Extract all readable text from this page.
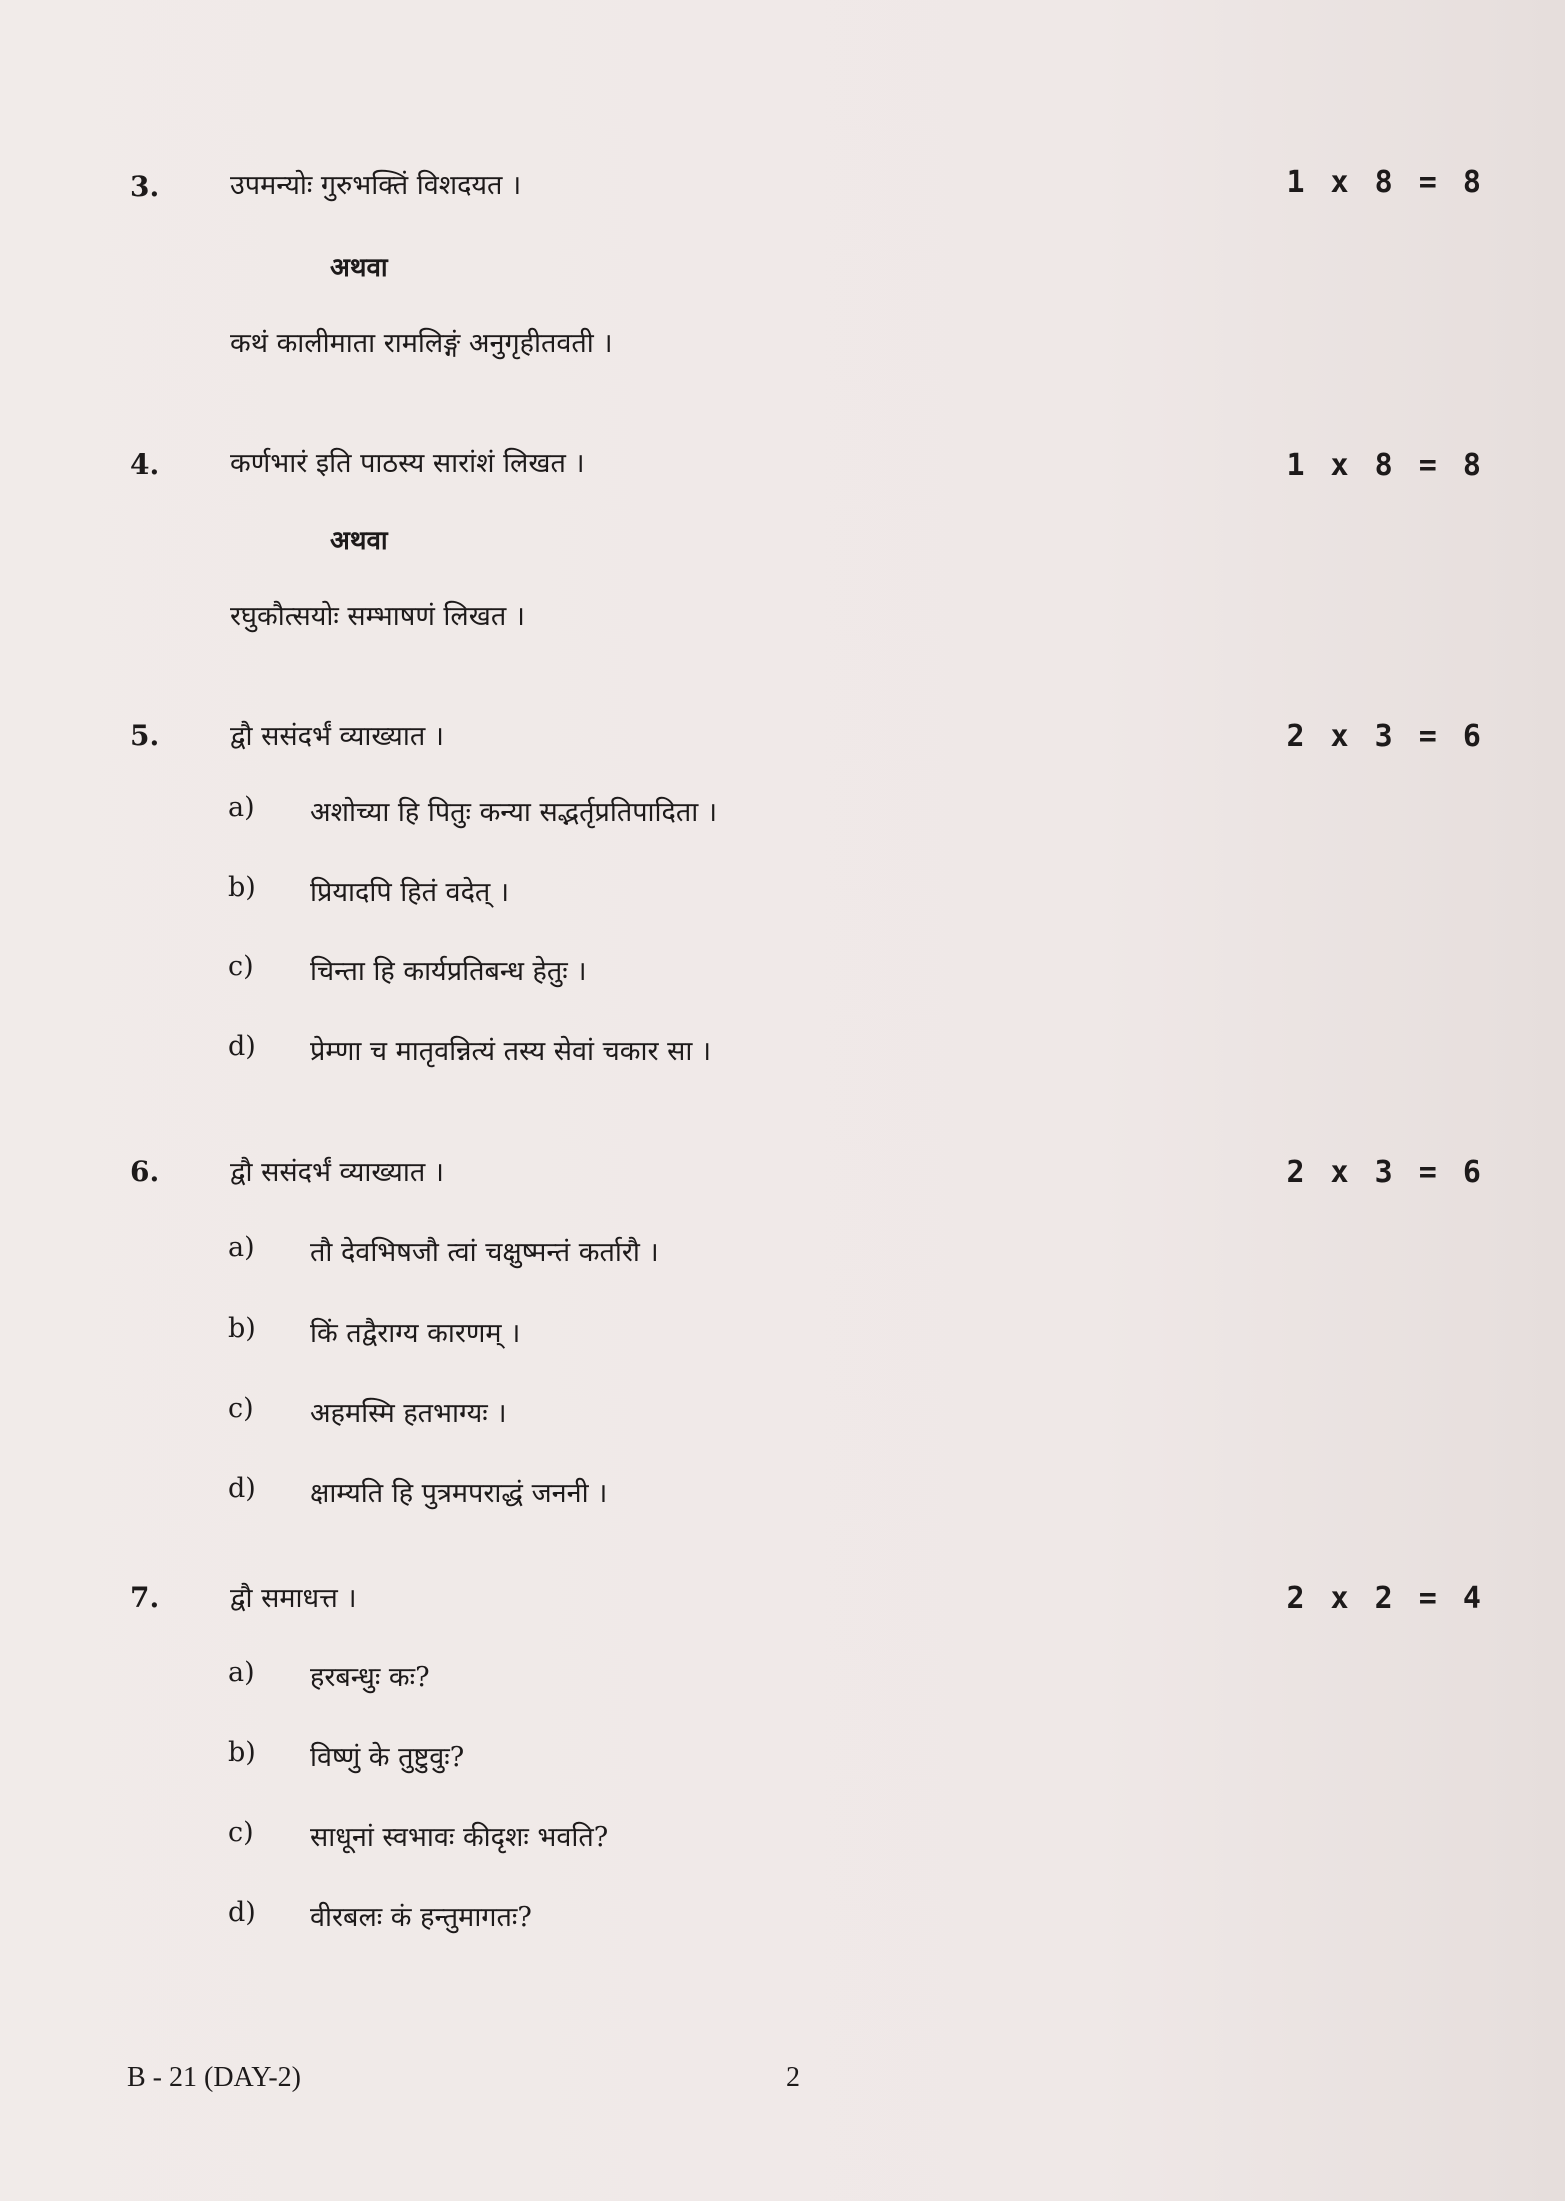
3.	उपमन्योः गुरुभक्तिं विशदयत ।	1 x 8 = 8
अथवा
कथं कालीमाता रामलिङ्गं अनुगृहीतवती ।
4.	कर्णभारं इति पाठस्य सारांशं लिखत ।	1 x 8 = 8
अथवा
रघुकौत्सयोः सम्भाषणं लिखत ।
5.	द्वौ ससंदर्भं व्याख्यात ।	2 x 3 = 6
a) अशोच्या हि पितुः कन्या सद्भर्तृप्रतिपादिता ।
b) प्रियादपि हितं वदेत् ।
c) चिन्ता हि कार्यप्रतिबन्ध हेतुः ।
d) प्रेम्णा च मातृवन्नित्यं तस्य सेवां चकार सा ।
6.	द्वौ ससंदर्भं व्याख्यात ।	2 x 3 = 6
a) तौ देवभिषजौ त्वां चक्षुष्मन्तं कर्तारौ ।
b) किं तद्वैराग्य कारणम् ।
c) अहमस्मि हतभाग्यः ।
d) क्षाम्यति हि पुत्रमपराद्धं जननी ।
7.	द्वौ समाधत्त ।	2 x 2 = 4
a) हरबन्धुः कः?
b) विष्णुं के तुष्टुवुः?
c) साधूनां स्वभावः कीदृशः भवति?
d) वीरबलः कं हन्तुमागतः?
B - 21 (DAY-2)	2
